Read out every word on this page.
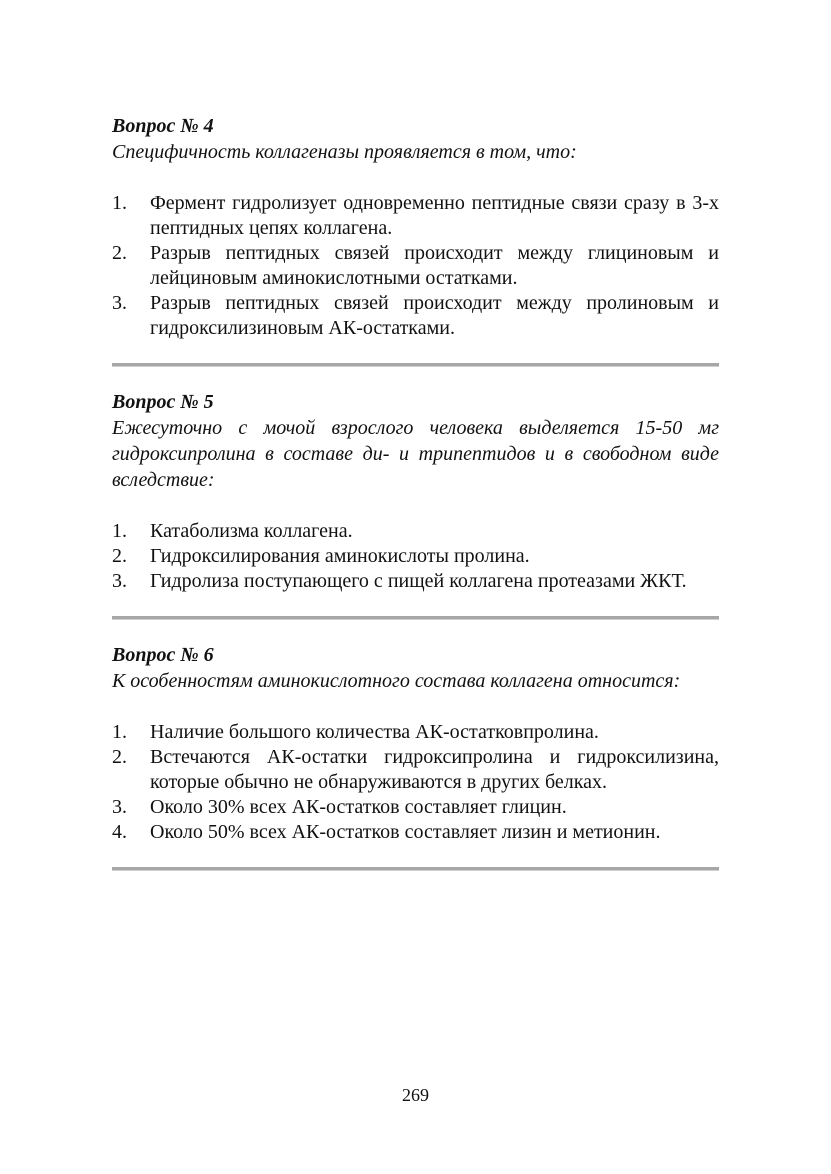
Вопрос № 4

Специфичность коллагеназы проявляется в том, что:

1. Фермент гидролизует одновременно пептидные связи сразу в 3-х пептидных цепях коллагена.
2. Разрыв пептидных связей происходит между глициновым и лейциновым аминокислотными остатками.
3. Разрыв пептидных связей происходит между пролиновым и гидроксилизиновым АК-остатками.

Вопрос № 5

Ежесуточно с мочой взрослого человека выделяется 15-50 мг гидроксипролина в составе ди- и трипептидов и в свободном виде вследствие:

1. Катаболизма коллагена.
2. Гидроксилирования аминокислоты пролина.
3. Гидролиза поступающего с пищей коллагена протеазами ЖКТ.

Вопрос № 6

К особенностям аминокислотного состава коллагена относится:

1. Наличие большого количества АК-остатковпролина.
2. Встечаются АК-остатки гидроксипролина и гидроксилизина, которые обычно не обнаруживаются в других белках.
3. Около 30% всех АК-остатков составляет глицин.
4. Около 50% всех АК-остатков составляет лизин и метионин.
269
